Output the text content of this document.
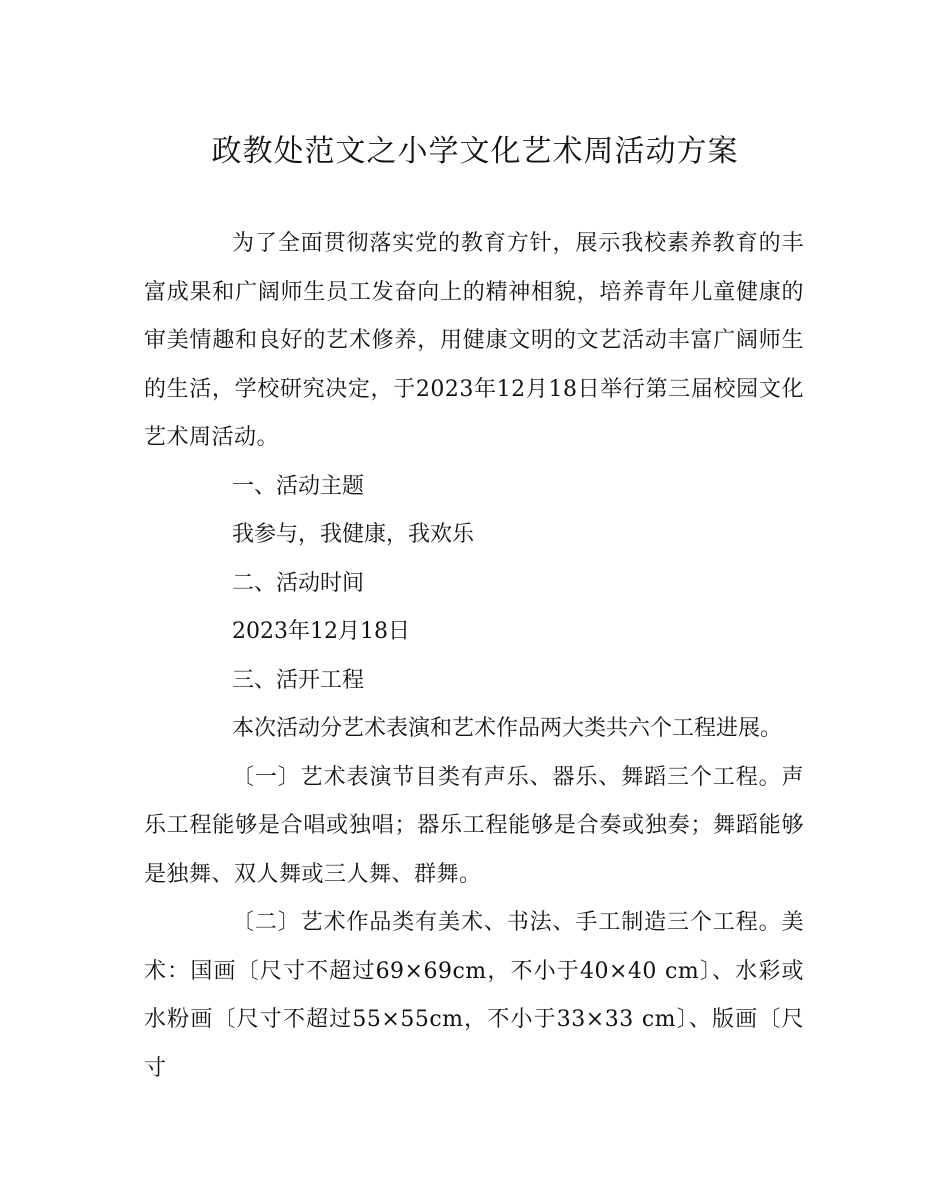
政教处范文之小学文化艺术周活动方案

为了全面贯彻落实党的教育方针，展示我校素养教育的丰富成果和广阔师生员工发奋向上的精神相貌，培养青年儿童健康的审美情趣和良好的艺术修养，用健康文明的文艺活动丰富广阔师生的生活，学校研究决定，于2023年12月18日举行第三届校园文化艺术周活动。

一、活动主题

我参与，我健康，我欢乐

二、活动时间

2023年12月18日

三、活开工程

本次活动分艺术表演和艺术作品两大类共六个工程进展。

〔一〕艺术表演节目类有声乐、器乐、舞蹈三个工程。声乐工程能够是合唱或独唱；器乐工程能够是合奏或独奏；舞蹈能够是独舞、双人舞或三人舞、群舞。

〔二〕艺术作品类有美术、书法、手工制造三个工程。美术：国画〔尺寸不超过69×69cm，不小于40×40 cm〕、水彩或水粉画〔尺寸不超过55×55cm，不小于33×33 cm〕、版画〔尺寸
